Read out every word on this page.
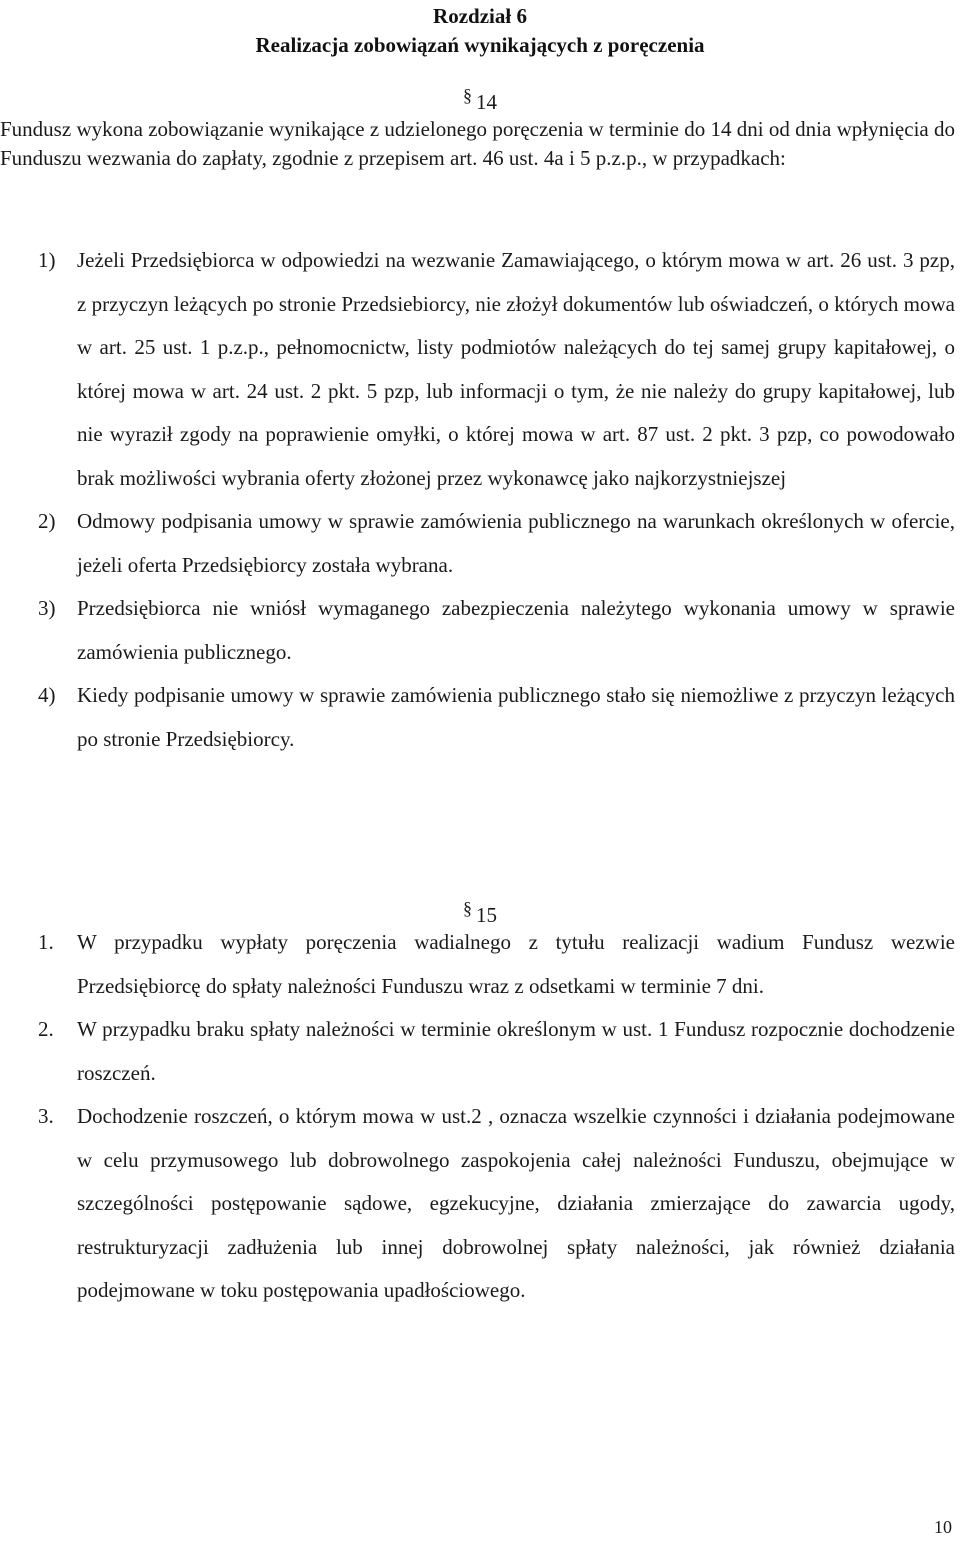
Rozdział 6
Realizacja zobowiązań wynikających z poręczenia
§ 14
Fundusz wykona zobowiązanie wynikające z udzielonego poręczenia w terminie do 14 dni od dnia wpłynięcia do Funduszu wezwania do zapłaty, zgodnie z przepisem art. 46 ust. 4a i 5 p.z.p., w przypadkach:
1) Jeżeli Przedsiębiorca w odpowiedzi na wezwanie Zamawiającego, o którym mowa w art. 26 ust. 3 pzp, z przyczyn leżących po stronie Przedsiebiorcy, nie złożył dokumentów lub oświadczeń, o których mowa w art. 25 ust. 1 p.z.p., pełnomocnictw, listy podmiotów należących do tej samej grupy kapitałowej, o której mowa w art. 24 ust. 2 pkt. 5 pzp, lub informacji o tym, że nie należy do grupy kapitałowej, lub nie wyraził zgody na poprawienie omyłki, o której mowa w art. 87 ust. 2 pkt. 3 pzp, co powodowało brak możliwości wybrania oferty złożonej przez wykonawcę jako najkorzystniejszej
2) Odmowy podpisania umowy w sprawie zamówienia publicznego na warunkach określonych w ofercie, jeżeli oferta Przedsiębiorcy została wybrana.
3) Przedsiębiorca nie wniósł wymaganego zabezpieczenia należytego wykonania umowy w sprawie zamówienia publicznego.
4) Kiedy podpisanie umowy w sprawie zamówienia publicznego stało się niemożliwe z przyczyn leżących po stronie Przedsiębiorcy.
§ 15
1. W przypadku wypłaty poręczenia wadialnego z tytułu realizacji wadium Fundusz wezwie Przedsiębiorcę do spłaty należności Funduszu wraz z odsetkami w terminie 7 dni.
2. W przypadku braku spłaty należności w terminie określonym w ust. 1 Fundusz rozpocznie dochodzenie roszczeń.
3. Dochodzenie roszczeń, o którym mowa w ust.2 , oznacza wszelkie czynności i działania podejmowane w celu przymusowego lub dobrowolnego zaspokojenia całej należności Funduszu, obejmujące w szczególności postępowanie sądowe, egzekucyjne, działania zmierzające do zawarcia ugody, restrukturyzacji zadłużenia lub innej dobrowolnej spłaty należności, jak również działania podejmowane w toku postępowania upadłościowego.
10
